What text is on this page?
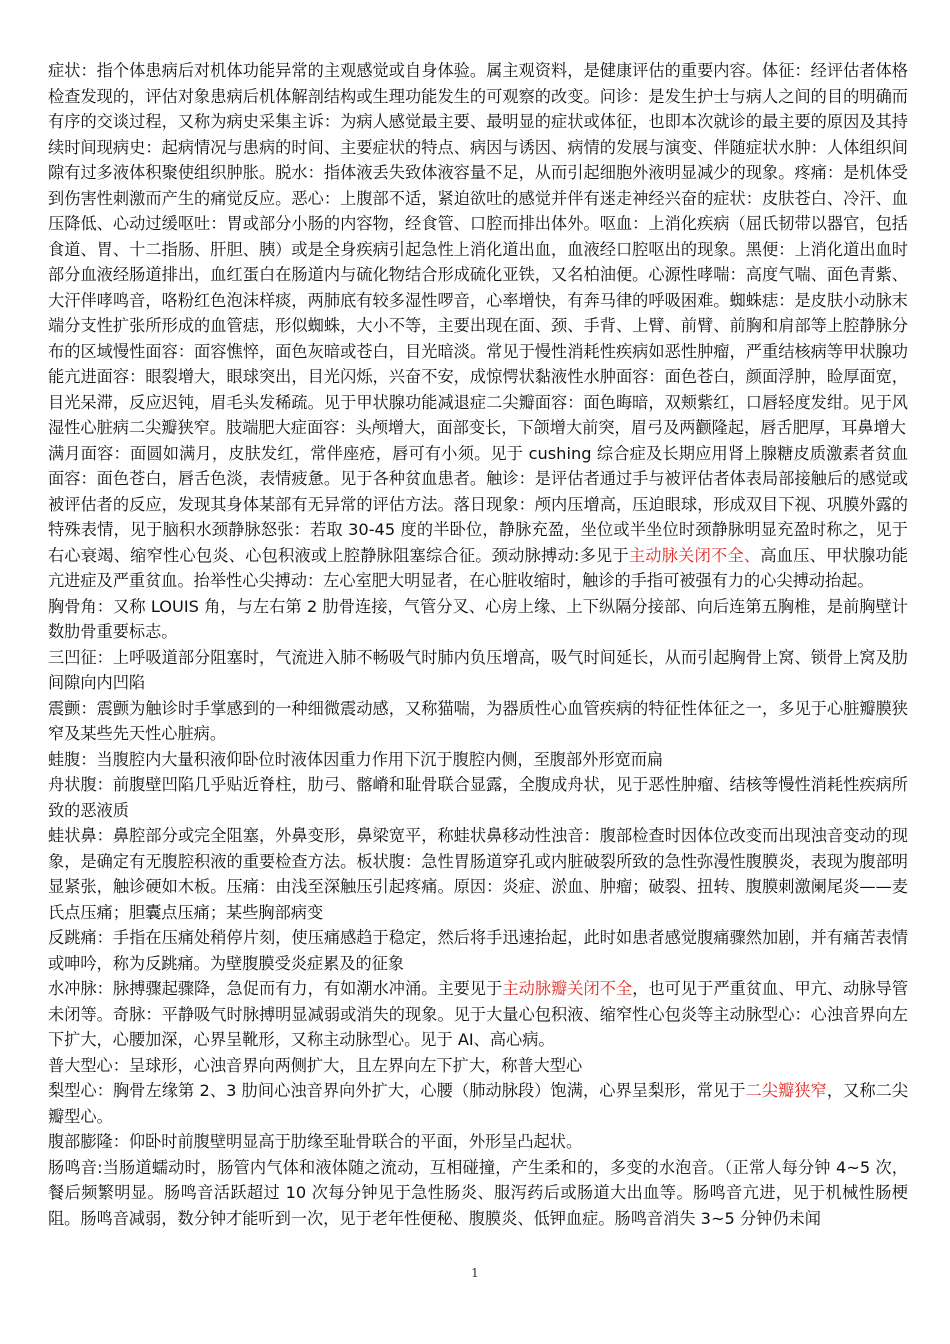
症状：指个体患病后对机体功能异常的主观感觉或自身体验。属主观资料，是健康评估的重要内容。体征：经评估者体格检查发现的，评估对象患病后机体解剖结构或生理功能发生的可观察的改变。问诊：是发生护士与病人之间的目的明确而有序的交谈过程，又称为病史采集主诉：为病人感觉最主要、最明显的症状或体征，也即本次就诊的最主要的原因及其持续时间现病史：起病情况与患病的时间、主要症状的特点、病因与诱因、病情的发展与演变、伴随症状水肿：人体组织间隙有过多液体积聚使组织肿胀。脱水：指体液丢失致体液容量不足，从而引起细胞外液明显减少的现象。疼痛：是机体受到伤害性刺激而产生的痛觉反应。恶心：上腹部不适，紧迫欲吐的感觉并伴有迷走神经兴奋的症状：皮肤苍白、冷汗、血压降低、心动过缓呕吐：胃或部分小肠的内容物，经食管、口腔而排出体外。呕血：上消化疾病（屈氏韧带以器官，包括食道、胃、十二指肠、肝胆、胰）或是全身疾病引起急性上消化道出血，血液经口腔呕出的现象。黑便：上消化道出血时部分血液经肠道排出，血红蛋白在肠道内与硫化物结合形成硫化亚铁，又名柏油便。心源性哮喘：高度气喘、面色青紫、大汗伴哮鸣音，咯粉红色泡沫样痰，两肺底有较多湿性啰音，心率增快，有奔马律的呼吸困难。蜘蛛痣：是皮肤小动脉末端分支性扩张所形成的血管痣，形似蜘蛛，大小不等，主要出现在面、颈、手背、上臂、前臂、前胸和肩部等上腔静脉分布的区域慢性面容：面容憔悴，面色灰暗或苍白，目光暗淡。常见于慢性消耗性疾病如恶性肿瘤，严重结核病等甲状腺功能亢进面容：眼裂增大，眼球突出，目光闪烁，兴奋不安，成惊愕状黏液性水肿面容：面色苍白，颜面浮肿，睑厚面宽，目光呆滞，反应迟钝，眉毛头发稀疏。见于甲状腺功能减退症二尖瓣面容：面色晦暗，双颊紫红，口唇轻度发绀。见于风湿性心脏病二尖瓣狭窄。肢端肥大症面容：头颅增大，面部变长，下颌增大前突，眉弓及两颧隆起，唇舌肥厚，耳鼻增大

满月面容：面圆如满月，皮肤发红，常伴座疮，唇可有小须。见于 cushing 综合症及长期应用肾上腺糖皮质激素者贫血面容：面色苍白，唇舌色淡，表情疲惫。见于各种贫血患者。触诊：是评估者通过手与被评估者体表局部接触后的感觉或被评估者的反应，发现其身体某部有无异常的评估方法。落日现象：颅内压增高，压迫眼球，形成双目下视、巩膜外露的特殊表情，见于脑积水颈静脉怒张：若取 30-45 度的半卧位，静脉充盈，坐位或半坐位时颈静脉明显充盈时称之，见于右心衰竭、缩窄性心包炎、心包积液或上腔静脉阻塞综合征。颈动脉搏动:多见于主动脉关闭不全、高血压、甲状腺功能亢进症及严重贫血。抬举性心尖搏动：左心室肥大明显者，在心脏收缩时，触诊的手指可被强有力的心尖搏动抬起。

胸骨角：又称 LOUIS 角，与左右第 2 肋骨连接，气管分叉、心房上缘、上下纵隔分接部、向后连第五胸椎，是前胸壁计数肋骨重要标志。

三凹征：上呼吸道部分阻塞时，气流进入肺不畅吸气时肺内负压增高，吸气时间延长，从而引起胸骨上窝、锁骨上窝及肋间隙向内凹陷

震颤：震颤为触诊时手掌感到的一种细微震动感，又称猫喘，为器质性心血管疾病的特征性体征之一，多见于心脏瓣膜狭窄及某些先天性心脏病。

蛙腹：当腹腔内大量积液仰卧位时液体因重力作用下沉于腹腔内侧，至腹部外形宽而扁

舟状腹：前腹壁凹陷几乎贴近脊柱，肋弓、髂嵴和耻骨联合显露，全腹成舟状，见于恶性肿瘤、结核等慢性消耗性疾病所致的恶液质

蛙状鼻：鼻腔部分或完全阻塞，外鼻变形，鼻梁宽平，称蛙状鼻移动性浊音：腹部检查时因体位改变而出现浊音变动的现象，是确定有无腹腔积液的重要检查方法。板状腹：急性胃肠道穿孔或内脏破裂所致的急性弥漫性腹膜炎，表现为腹部明显紧张，触诊硬如木板。压痛：由浅至深触压引起疼痛。原因：炎症、淤血、肿瘤；破裂、扭转、腹膜刺激阑尾炎——麦氏点压痛；胆囊点压痛；某些胸部病变

反跳痛：手指在压痛处稍停片刻，使压痛感趋于稳定，然后将手迅速抬起，此时如患者感觉腹痛骤然加剧，并有痛苦表情或呻吟，称为反跳痛。为壁腹膜受炎症累及的征象

水冲脉：脉搏骤起骤降，急促而有力，有如潮水冲涌。主要见于主动脉瓣关闭不全，也可见于严重贫血、甲亢、动脉导管未闭等。奇脉：平静吸气时脉搏明显减弱或消失的现象。见于大量心包积液、缩窄性心包炎等主动脉型心：心浊音界向左下扩大，心腰加深，心界呈靴形，又称主动脉型心。见于 AI、高心病。

普大型心：呈球形，心浊音界向两侧扩大，且左界向左下扩大，称普大型心

梨型心：胸骨左缘第 2、3 肋间心浊音界向外扩大，心腰（肺动脉段）饱满，心界呈梨形，常见于二尖瓣狭窄，又称二尖瓣型心。

腹部膨隆：仰卧时前腹壁明显高于肋缘至耻骨联合的平面，外形呈凸起状。

肠鸣音:当肠道蠕动时，肠管内气体和液体随之流动，互相碰撞，产生柔和的，多变的水泡音。（正常人每分钟 4~5 次，餐后频繁明显。肠鸣音活跃超过 10 次每分钟见于急性肠炎、服泻药后或肠道大出血等。肠鸣音亢进，见于机械性肠梗阻。肠鸣音减弱，数分钟才能听到一次，见于老年性便秘、腹膜炎、低钾血症。肠鸣音消失 3~5 分钟仍未闻

1
